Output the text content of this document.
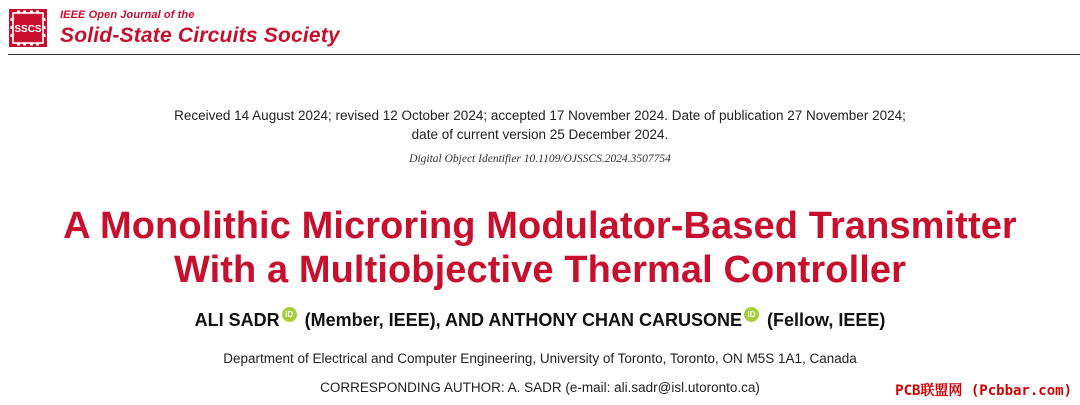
SSCS
IEEE Open Journal of the
Solid-State Circuits Society
Received 14 August 2024; revised 12 October 2024; accepted 17 November 2024. Date of publication 27 November 2024;
date of current version 25 December 2024.
Digital Object Identifier 10.1109/OJSSCS.2024.3507754
A Monolithic Microring Modulator-Based Transmitter
With a Multiobjective Thermal Controller
ALI SADR iD (Member, IEEE), AND ANTHONY CHAN CARUSONE iD (Fellow, IEEE)
Department of Electrical and Computer Engineering, University of Toronto, Toronto, ON M5S 1A1, Canada
CORRESPONDING AUTHOR: A. SADR (e-mail: ali.sadr@isl.utoronto.ca)	PCB联盟网 (Pcbbar.com)
